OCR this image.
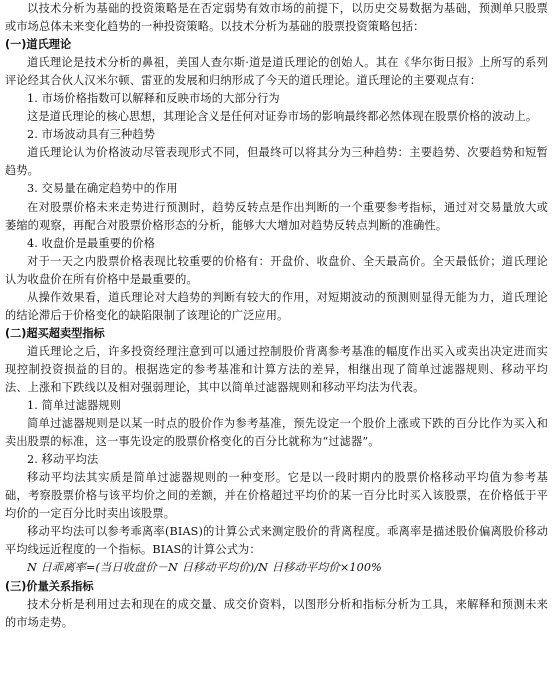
以技术分析为基础的投资策略是在否定弱势有效市场的前提下，以历史交易数据为基础，预测单只股票或市场总体未来变化趋势的一种投资策略。以技术分析为基础的股票投资策略包括：

(一)道氏理论

道氏理论是技术分析的鼻祖，美国人查尔斯·道是道氏理论的创始人。其在《华尔街日报》上所写的系列评论经其合伙人汉米尔顿、雷亚的发展和归纳形成了今天的道氏理论。道氏理论的主要观点有：

1. 市场价格指数可以解释和反映市场的大部分行为

这是道氏理论的核心思想，其理论含义是任何对证券市场的影响最终都必然体现在股票价格的波动上。

2. 市场波动具有三种趋势

道氏理论认为价格波动尽管表现形式不同，但最终可以将其分为三种趋势：主要趋势、次要趋势和短暂趋势。

3. 交易量在确定趋势中的作用

在对股票价格未来走势进行预测时，趋势反转点是作出判断的一个重要参考指标，通过对交易量放大或萎缩的观察，再配合对股票价格形态的分析，能够大大增加对趋势反转点判断的准确性。

4. 收盘价是最重要的价格

对于一天之内股票价格表现比较重要的价格有：开盘价、收盘价、全天最高价。全天最低价；道氏理论认为收盘价在所有价格中是最重要的。

从操作效果看，道氏理论对大趋势的判断有较大的作用，对短期波动的预测则显得无能为力，道氏理论的结论滞后于价格变化的缺陷限制了该理论的广泛应用。

(二)超买超卖型指标

道氏理论之后，许多投资经理注意到可以通过控制股价背离参考基准的幅度作出买入或卖出决定进而实现控制投资损益的目的。根据选定的参考基准和计算方法的差异，相继出现了简单过滤器规则、移动平均法、上涨和下跌线以及相对强弱理论，其中以简单过滤器规则和移动平均法为代表。

1. 简单过滤器规则

简单过滤器规则是以某一时点的股价作为参考基准，预先设定一个股价上涨或下跌的百分比作为买入和卖出股票的标准，这一事先设定的股票价格变化的百分比就称为“过滤器”。

2. 移动平均法

移动平均法其实质是简单过滤器规则的一种变形。它是以一段时期内的股票价格移动平均值为参考基础，考察股票价格与该平均价之间的差额，并在价格超过平均价的某一百分比时买入该股票，在价格低于平均价的一定百分比时卖出该股票。

移动平均法可以参考乖离率(BIAS)的计算公式来测定股价的背离程度。乖离率是描述股价偏离股价移动平均线远近程度的一个指标。BIAS的计算公式为：

N 日乖离率=(当日收盘价－N 日移动平均价)/N 日移动平均价×100%

(三)价量关系指标

技术分析是利用过去和现在的成交量、成交价资料，以图形分析和指标分析为工具，来解释和预测未来的市场走势。
